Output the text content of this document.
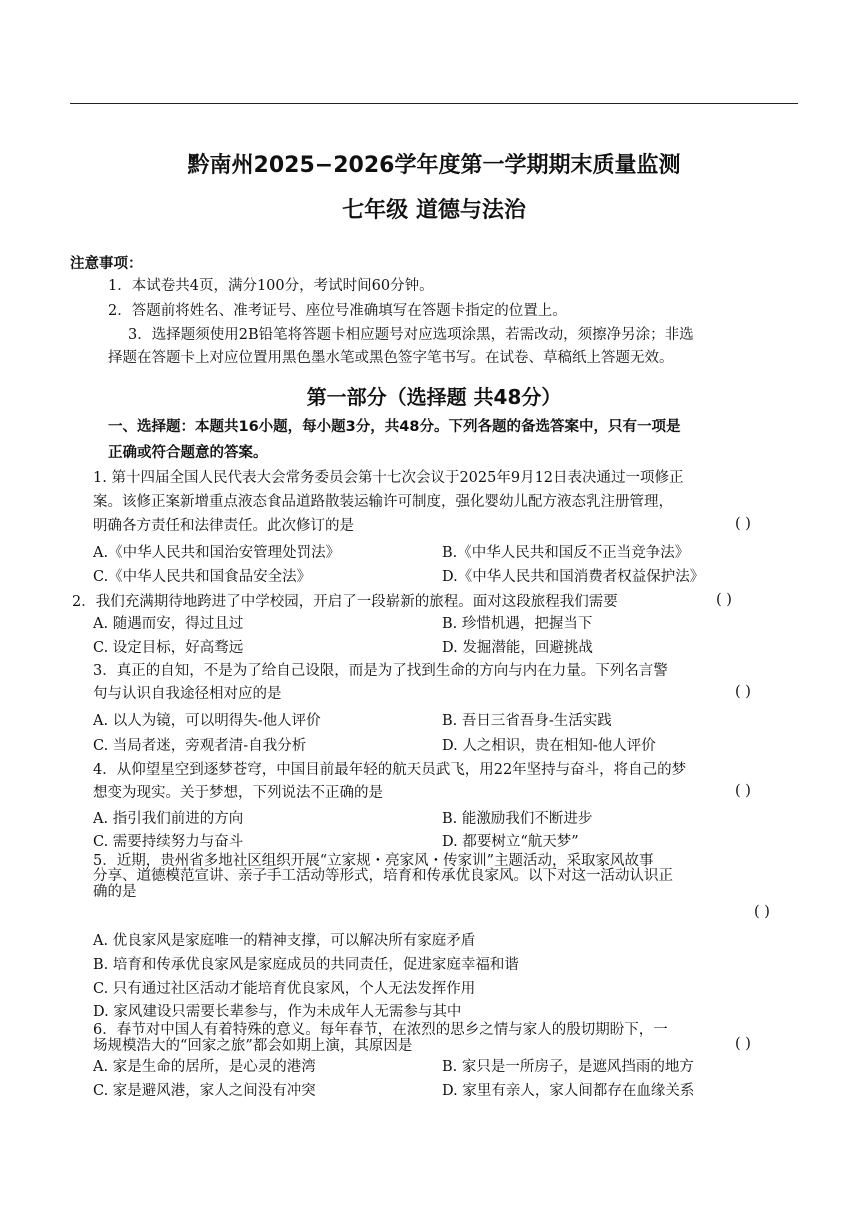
黔南州2025−2026学年度第一学期期末质量监测
七年级 道德与法治
注意事项：
1．本试卷共4页，满分100分，考试时间60分钟。
2．答题前将姓名、准考证号、座位号准确填写在答题卡指定的位置上。
3．选择题须使用2B铅笔将答题卡相应题号对应选项涂黑，若需改动，须擦净另涂；非选
择题在答题卡上对应位置用黑色墨水笔或黑色签字笔书写。在试卷、草稿纸上答题无效。
第一部分（选择题 共48分）
一、选择题：本题共16小题，每小题3分，共48分。下列各题的备选答案中，只有一项是
正确或符合题意的答案。
1. 第十四届全国人民代表大会常务委员会第十七次会议于2025年9月12日表决通过一项修正
案。该修正案新增重点液态食品道路散装运输许可制度，强化婴幼儿配方液态乳注册管理，
明确各方责任和法律责任。此次修订的是	( )
A.《中华人民共和国治安管理处罚法》	B.《中华人民共和国反不正当竞争法》
C.《中华人民共和国食品安全法》	D.《中华人民共和国消费者权益保护法》
2．我们充满期待地跨进了中学校园，开启了一段崭新的旅程。面对这段旅程我们需要	( )
A. 随遇而安，得过且过	B. 珍惜机遇，把握当下
C. 设定目标，好高骛远	D. 发掘潜能，回避挑战
3．真正的自知，不是为了给自己设限，而是为了找到生命的方向与内在力量。下列名言警
句与认识自我途径相对应的是	( )
A. 以人为镜，可以明得失-他人评价	B. 吾日三省吾身-生活实践
C. 当局者迷，旁观者清-自我分析	D. 人之相识，贵在相知-他人评价
4．从仰望星空到逐梦苍穹，中国目前最年轻的航天员武飞，用22年坚持与奋斗，将自己的梦
想变为现实。关于梦想，下列说法不正确的是	( )
A. 指引我们前进的方向	B. 能激励我们不断进步
C. 需要持续努力与奋斗	D. 都要树立“航天梦”
5．近期，贵州省多地社区组织开展“立家规・亮家风・传家训”主题活动，采取家风故事
分享、道德模范宣讲、亲子手工活动等形式，培育和传承优良家风。以下对这一活动认识正
确的是
( )
A. 优良家风是家庭唯一的精神支撑，可以解决所有家庭矛盾
B. 培育和传承优良家风是家庭成员的共同责任，促进家庭幸福和谐
C. 只有通过社区活动才能培育优良家风，个人无法发挥作用
D. 家风建设只需要长辈参与，作为未成年人无需参与其中
6．春节对中国人有着特殊的意义。每年春节，在浓烈的思乡之情与家人的殷切期盼下，一
场规模浩大的“回家之旅”都会如期上演，其原因是	( )
A. 家是生命的居所，是心灵的港湾	B. 家只是一所房子，是遮风挡雨的地方
C. 家是避风港，家人之间没有冲突	D. 家里有亲人，家人间都存在血缘关系
